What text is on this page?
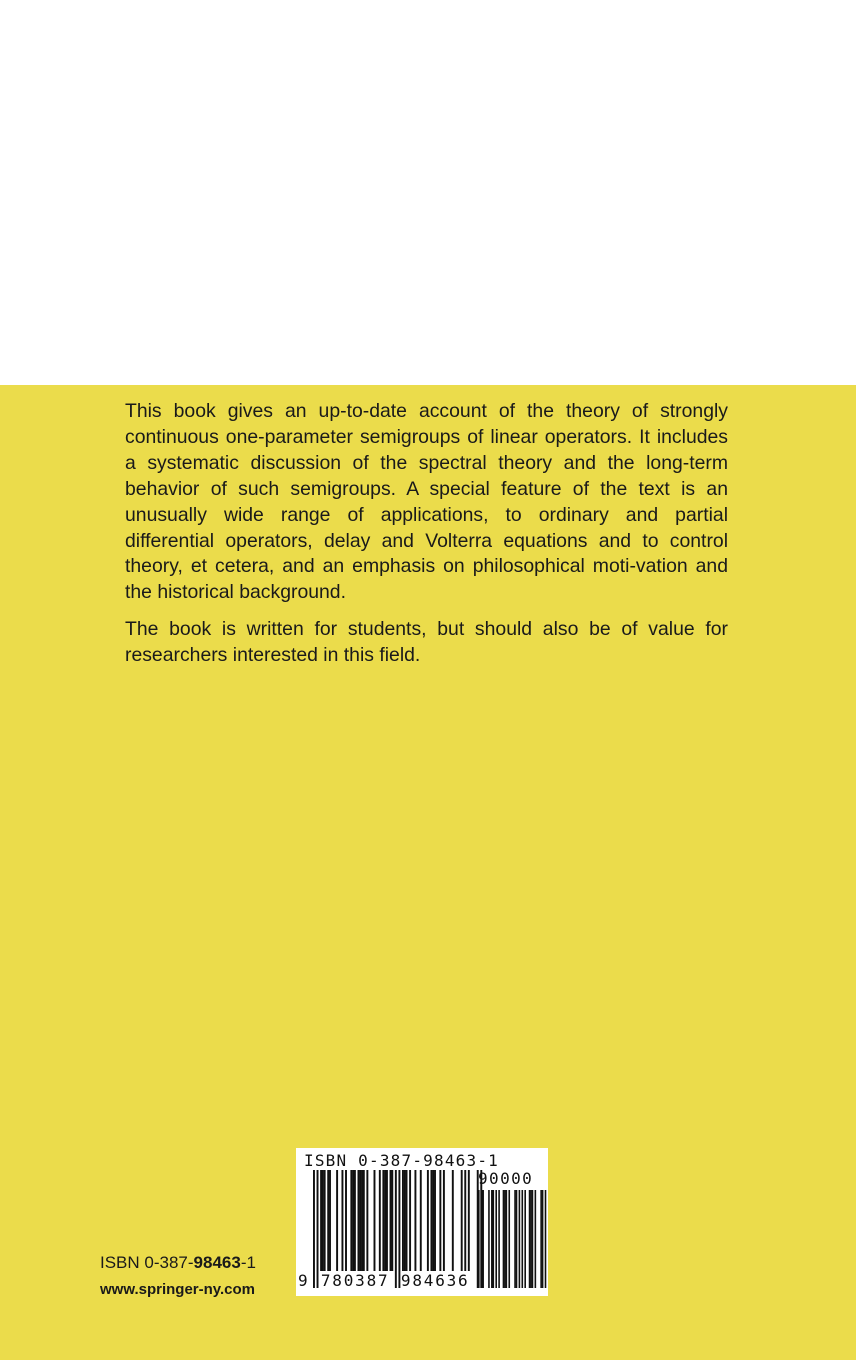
This book gives an up-to-date account of the theory of strongly continuous one-parameter semigroups of linear operators. It includes a systematic discussion of the spectral theory and the long-term behavior of such semigroups. A special feature of the text is an unusually wide range of applications, to ordinary and partial differential operators, delay and Volterra equations and to control theory, et cetera, and an emphasis on philosophical moti-vation and the historical background.

The book is written for students, but should also be of value for researchers interested in this field.

ISBN 0-387-98463-1
www.springer-ny.com
ISBN 0-387-98463-1
90000
9 780387 984636
